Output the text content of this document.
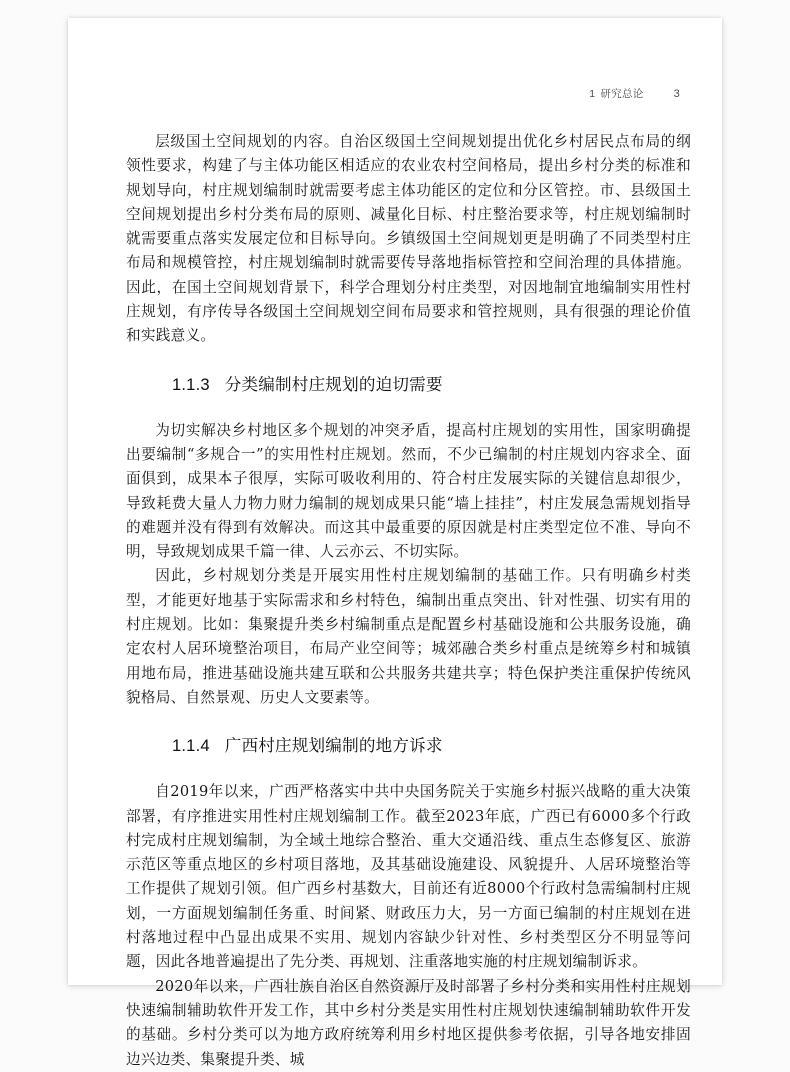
1 研究总论	3

层级国土空间规划的内容。自治区级国土空间规划提出优化乡村居民点布局的纲领性要求，构建了与主体功能区相适应的农业农村空间格局，提出乡村分类的标准和规划导向，村庄规划编制时就需要考虑主体功能区的定位和分区管控。市、县级国土空间规划提出乡村分类布局的原则、减量化目标、村庄整治要求等，村庄规划编制时就需要重点落实发展定位和目标导向。乡镇级国土空间规划更是明确了不同类型村庄布局和规模管控，村庄规划编制时就需要传导落地指标管控和空间治理的具体措施。因此，在国土空间规划背景下，科学合理划分村庄类型，对因地制宜地编制实用性村庄规划，有序传导各级国土空间规划空间布局要求和管控规则，具有很强的理论价值和实践意义。

1.1.3 分类编制村庄规划的迫切需要

为切实解决乡村地区多个规划的冲突矛盾，提高村庄规划的实用性，国家明确提出要编制“多规合一”的实用性村庄规划。然而，不少已编制的村庄规划内容求全、面面俱到，成果本子很厚，实际可吸收利用的、符合村庄发展实际的关键信息却很少，导致耗费大量人力物力财力编制的规划成果只能“墙上挂挂”，村庄发展急需规划指导的难题并没有得到有效解决。而这其中最重要的原因就是村庄类型定位不准、导向不明，导致规划成果千篇一律、人云亦云、不切实际。

因此，乡村规划分类是开展实用性村庄规划编制的基础工作。只有明确乡村类型，才能更好地基于实际需求和乡村特色，编制出重点突出、针对性强、切实有用的村庄规划。比如：集聚提升类乡村编制重点是配置乡村基础设施和公共服务设施，确定农村人居环境整治项目，布局产业空间等；城郊融合类乡村重点是统筹乡村和城镇用地布局，推进基础设施共建互联和公共服务共建共享；特色保护类注重保护传统风貌格局、自然景观、历史人文要素等。

1.1.4 广西村庄规划编制的地方诉求

自2019年以来，广西严格落实中共中央国务院关于实施乡村振兴战略的重大决策部署，有序推进实用性村庄规划编制工作。截至2023年底，广西已有6000多个行政村完成村庄规划编制，为全域土地综合整治、重大交通沿线、重点生态修复区、旅游示范区等重点地区的乡村项目落地，及其基础设施建设、风貌提升、人居环境整治等工作提供了规划引领。但广西乡村基数大，目前还有近8000个行政村急需编制村庄规划，一方面规划编制任务重、时间紧、财政压力大，另一方面已编制的村庄规划在进村落地过程中凸显出成果不实用、规划内容缺少针对性、乡村类型区分不明显等问题，因此各地普遍提出了先分类、再规划、注重落地实施的村庄规划编制诉求。

2020年以来，广西壮族自治区自然资源厅及时部署了乡村分类和实用性村庄规划快速编制辅助软件开发工作，其中乡村分类是实用性村庄规划快速编制辅助软件开发的基础。乡村分类可以为地方政府统筹利用乡村地区提供参考依据，引导各地安排固边兴边类、集聚提升类、城
